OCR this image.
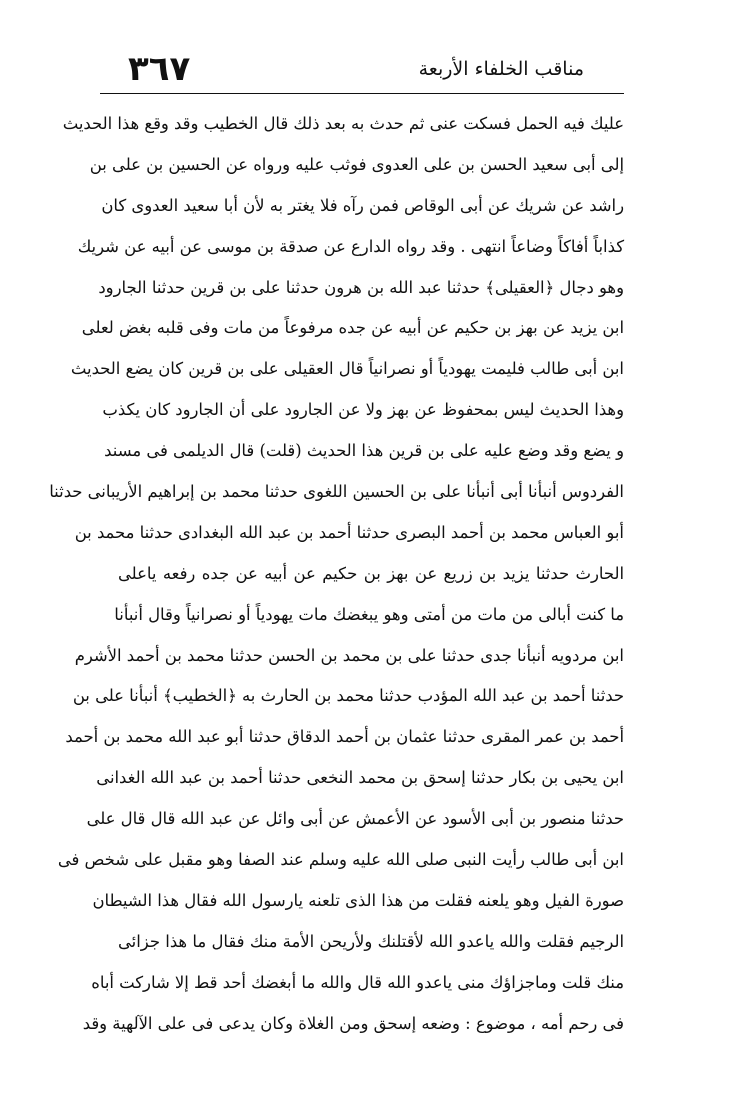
٣٦٧	مناقب الخلفاء الأربعة
عليك فيه الحمل فسكت عنى ثم حدث به بعد ذلك قال الخطيب وقد وقع هذا الحديث
إلى أبى سعيد الحسن بن على العدوى فوثب عليه ورواه عن الحسين بن على بن
راشد عن شريك عن أبى الوقاص فمن رآه فلا يغتر به لأن أبا سعيد العدوى كان
كذاباً أفاكاً وضاعاً انتهى . وقد رواه الدارع عن صدقة بن موسى عن أبيه عن شريك
وهو دجال ﴿العقيلى﴾ حدثنا عبد الله بن هرون حدثنا على بن قرين حدثنا الجارود
ابن يزيد عن بهز بن حكيم عن أبيه عن جده مرفوعاً من مات وفى قلبه بغض لعلى
ابن أبى طالب فليمت يهودياً أو نصرانياً قال العقيلى على بن قرين كان يضع الحديث
وهذا الحديث ليس بمحفوظ عن بهز ولا عن الجارود على أن الجارود كان يكذب
و يضع وقد وضع عليه على بن قرين هذا الحديث (قلت) قال الديلمى فى مسند
الفردوس أنبأنا أبى أنبأنا على بن الحسين اللغوى حدثنا محمد بن إبراهيم الأريبانى حدثنا
أبو العباس محمد بن أحمد البصرى حدثنا أحمد بن عبد الله البغدادى حدثنا محمد بن
الحارث حدثنا يزيد بن زريع عن بهز بن حكيم عن أبيه عن جده رفعه ياعلى
ما كنت أبالى من مات من أمتى وهو يبغضك مات يهودياً أو نصرانياً وقال أنبأنا
ابن مردويه أنبأنا جدى حدثنا على بن محمد بن الحسن حدثنا محمد بن أحمد الأشرم
حدثنا أحمد بن عبد الله المؤدب حدثنا محمد بن الحارث به ﴿الخطيب﴾ أنبأنا على بن
أحمد بن عمر المقرى حدثنا عثمان بن أحمد الدقاق حدثنا أبو عبد الله محمد بن أحمد
ابن يحيى بن بكار حدثنا إسحق بن محمد النخعى حدثنا أحمد بن عبد الله الغدانى
حدثنا منصور بن أبى الأسود عن الأعمش عن أبى وائل عن عبد الله قال قال على
ابن أبى طالب رأيت النبى صلى الله عليه وسلم عند الصفا وهو مقبل على شخص فى
صورة الفيل وهو يلعنه فقلت من هذا الذى تلعنه يارسول الله فقال هذا الشيطان
الرجيم فقلت والله ياعدو الله لأقتلنك ولأريحن الأمة منك فقال ما هذا جزائى
منك قلت وماجزاؤك منى ياعدو الله قال والله ما أبغضك أحد قط إلا شاركت أباه
فى رحم أمه ، موضوع : وضعه إسحق ومن الغلاة وكان يدعى فى على الآلهية وقد
